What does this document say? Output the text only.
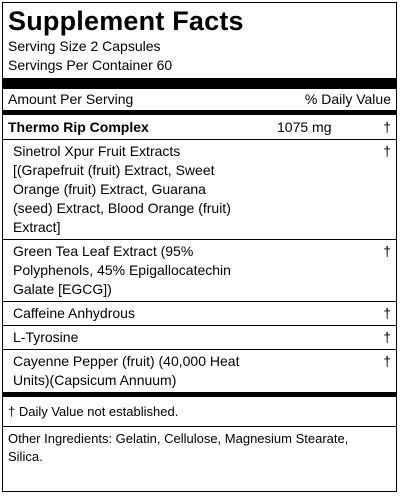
Supplement Facts
Serving Size 2 Capsules
Servings Per Container 60
Amount Per Serving	% Daily Value
Thermo Rip Complex	1075 mg	†
Sinetrol Xpur Fruit Extracts
[(Grapefruit (fruit) Extract, Sweet
Orange (fruit) Extract, Guarana
(seed) Extract, Blood Orange (fruit)
Extract]
†
Green Tea Leaf Extract (95%
Polyphenols, 45% Epigallocatechin
Galate [EGCG])
†
Caffeine Anhydrous	†
L-Tyrosine	†
Cayenne Pepper (fruit) (40,000 Heat
Units)(Capsicum Annuum)
†
† Daily Value not established.
Other Ingredients: Gelatin, Cellulose, Magnesium Stearate,
Silica.
